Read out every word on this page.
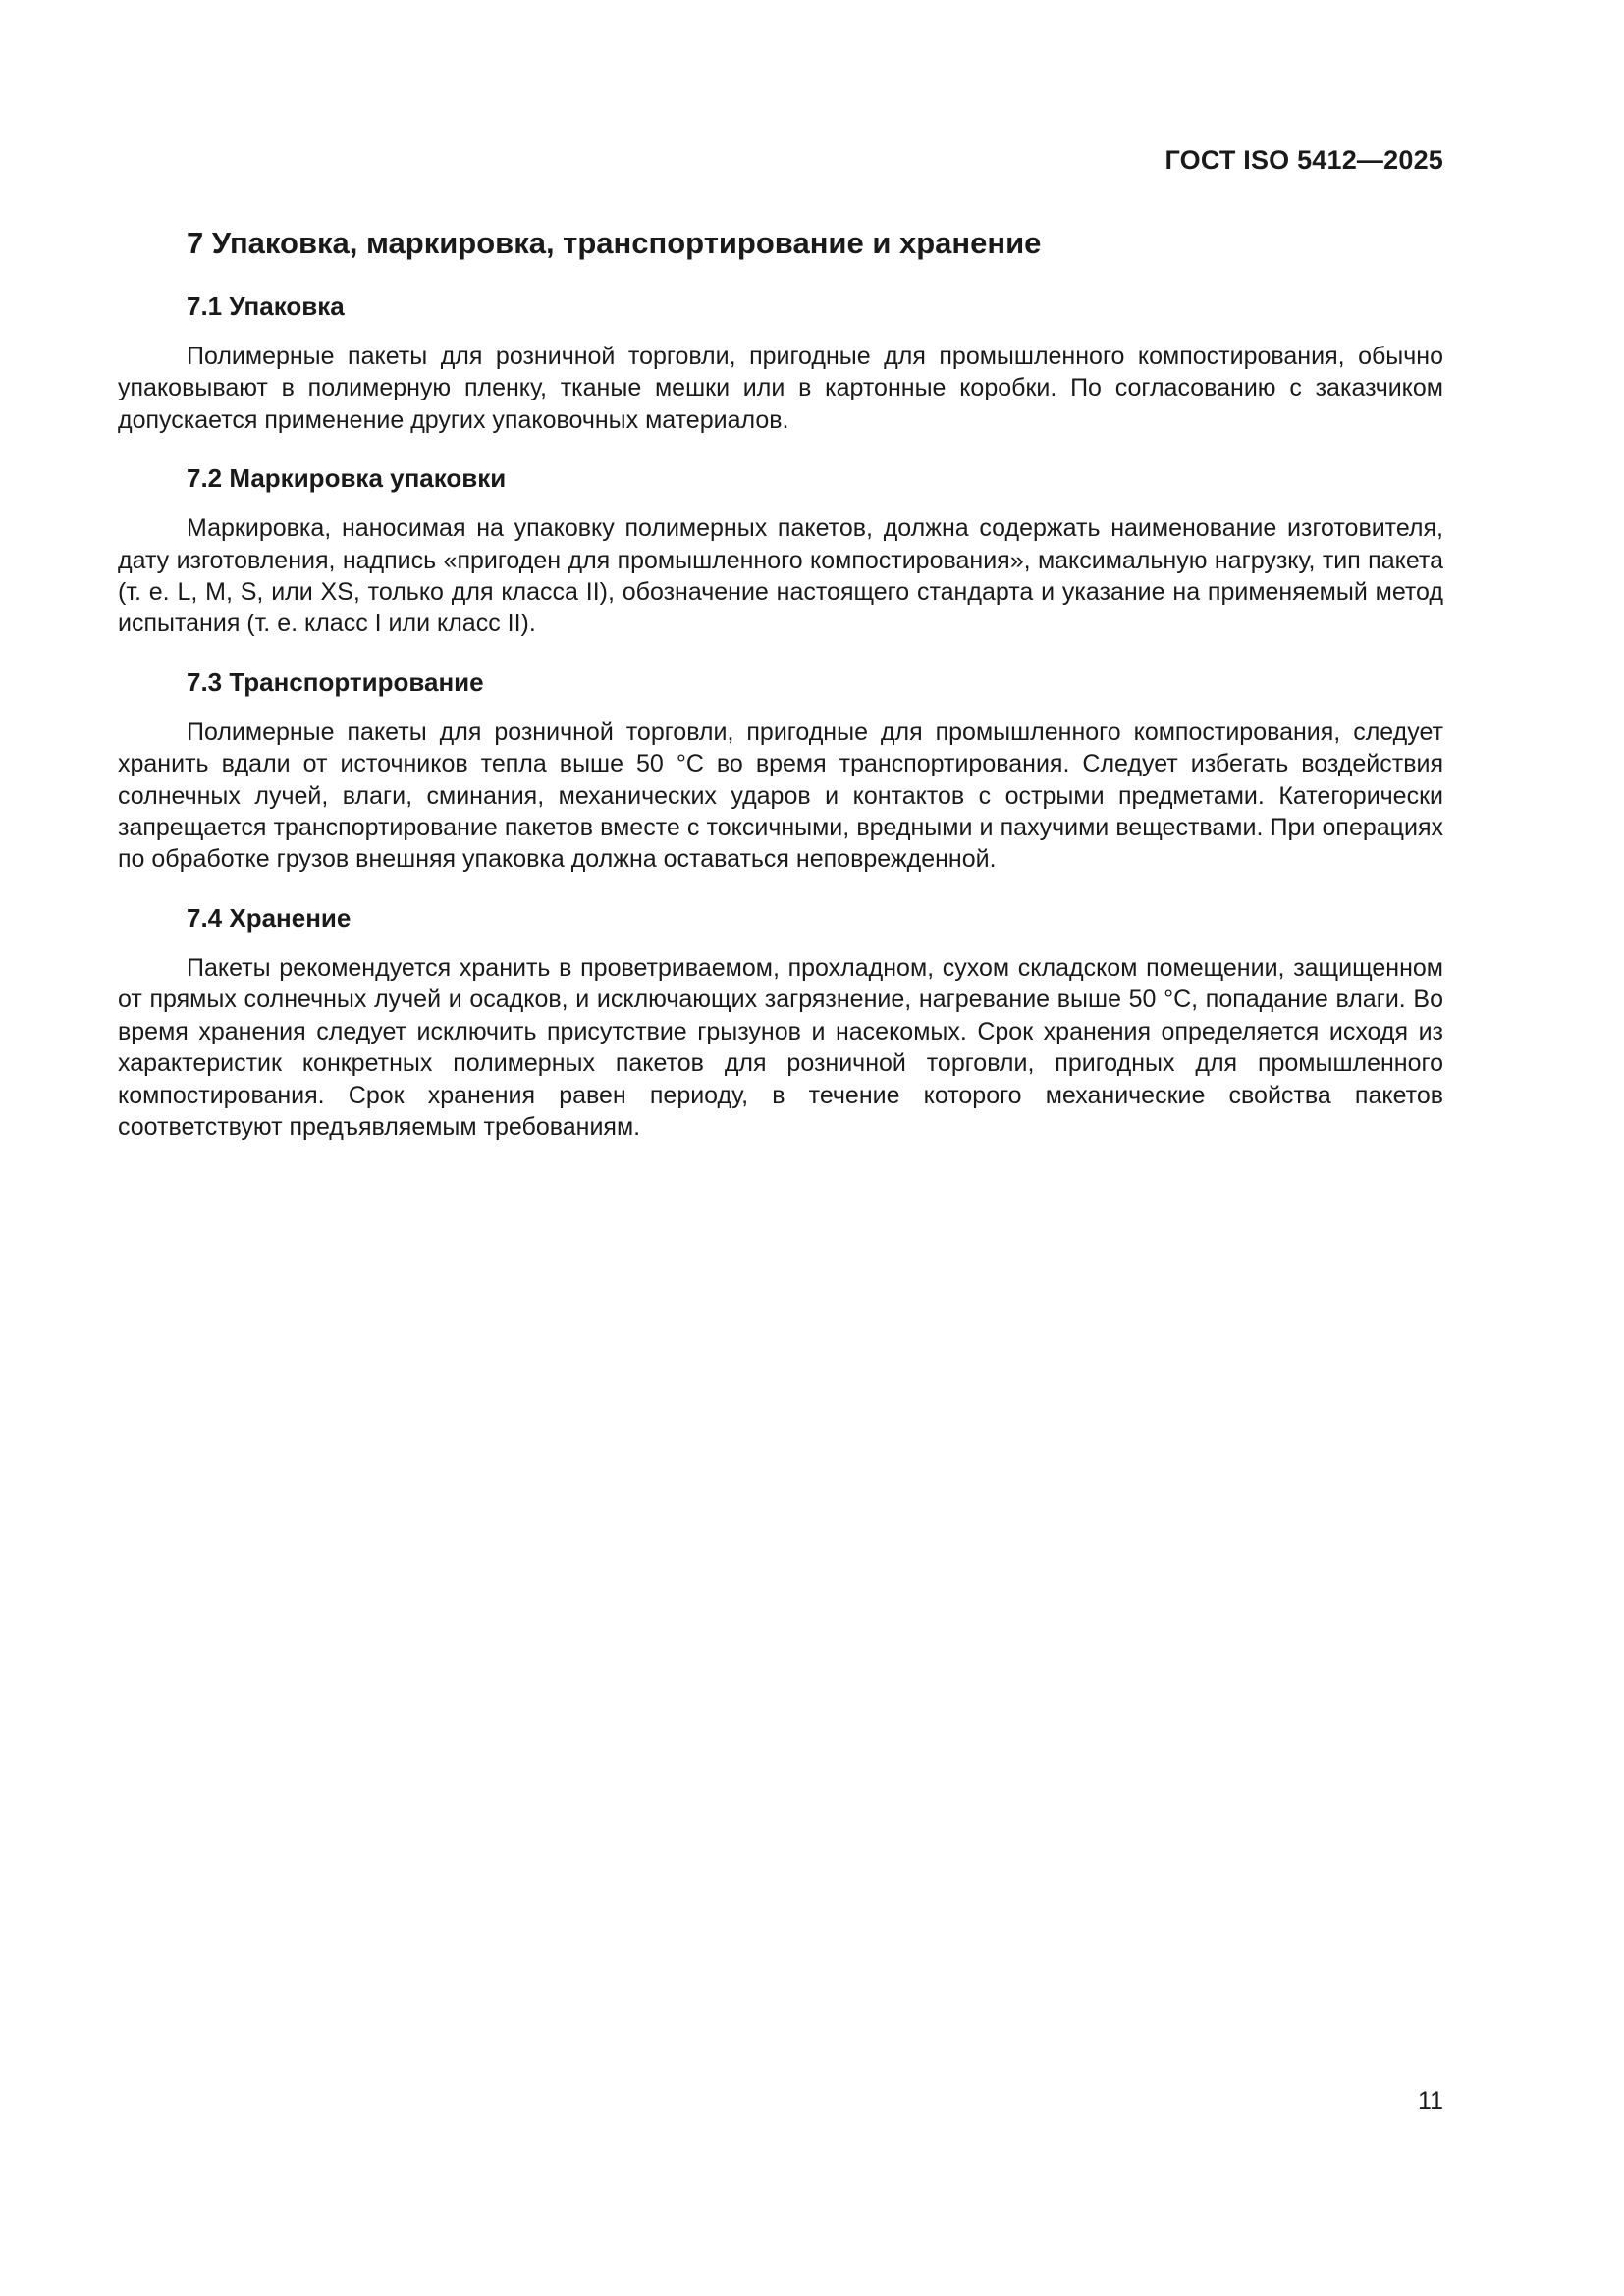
ГОСТ ISO 5412—2025
7 Упаковка, маркировка, транспортирование и хранение
7.1 Упаковка

Полимерные пакеты для розничной торговли, пригодные для промышленного компостирования, обычно упаковывают в полимерную пленку, тканые мешки или в картонные коробки. По согласованию с заказчиком допускается применение других упаковочных материалов.

7.2 Маркировка упаковки

Маркировка, наносимая на упаковку полимерных пакетов, должна содержать наименование изготовителя, дату изготовления, надпись «пригоден для промышленного компостирования», максимальную нагрузку, тип пакета (т. е. L, M, S, или XS, только для класса II), обозначение настоящего стандарта и указание на применяемый метод испытания (т. е. класс I или класс II).

7.3 Транспортирование

Полимерные пакеты для розничной торговли, пригодные для промышленного компостирования, следует хранить вдали от источников тепла выше 50 °С во время транспортирования. Следует избегать воздействия солнечных лучей, влаги, сминания, механических ударов и контактов с острыми предметами. Категорически запрещается транспортирование пакетов вместе с токсичными, вредными и пахучими веществами. При операциях по обработке грузов внешняя упаковка должна оставаться неповрежденной.

7.4 Хранение

Пакеты рекомендуется хранить в проветриваемом, прохладном, сухом складском помещении, защищенном от прямых солнечных лучей и осадков, и исключающих загрязнение, нагревание выше 50 °С, попадание влаги. Во время хранения следует исключить присутствие грызунов и насекомых. Срок хранения определяется исходя из характеристик конкретных полимерных пакетов для розничной торговли, пригодных для промышленного компостирования. Срок хранения равен периоду, в течение которого механические свойства пакетов соответствуют предъявляемым требованиям.

11
